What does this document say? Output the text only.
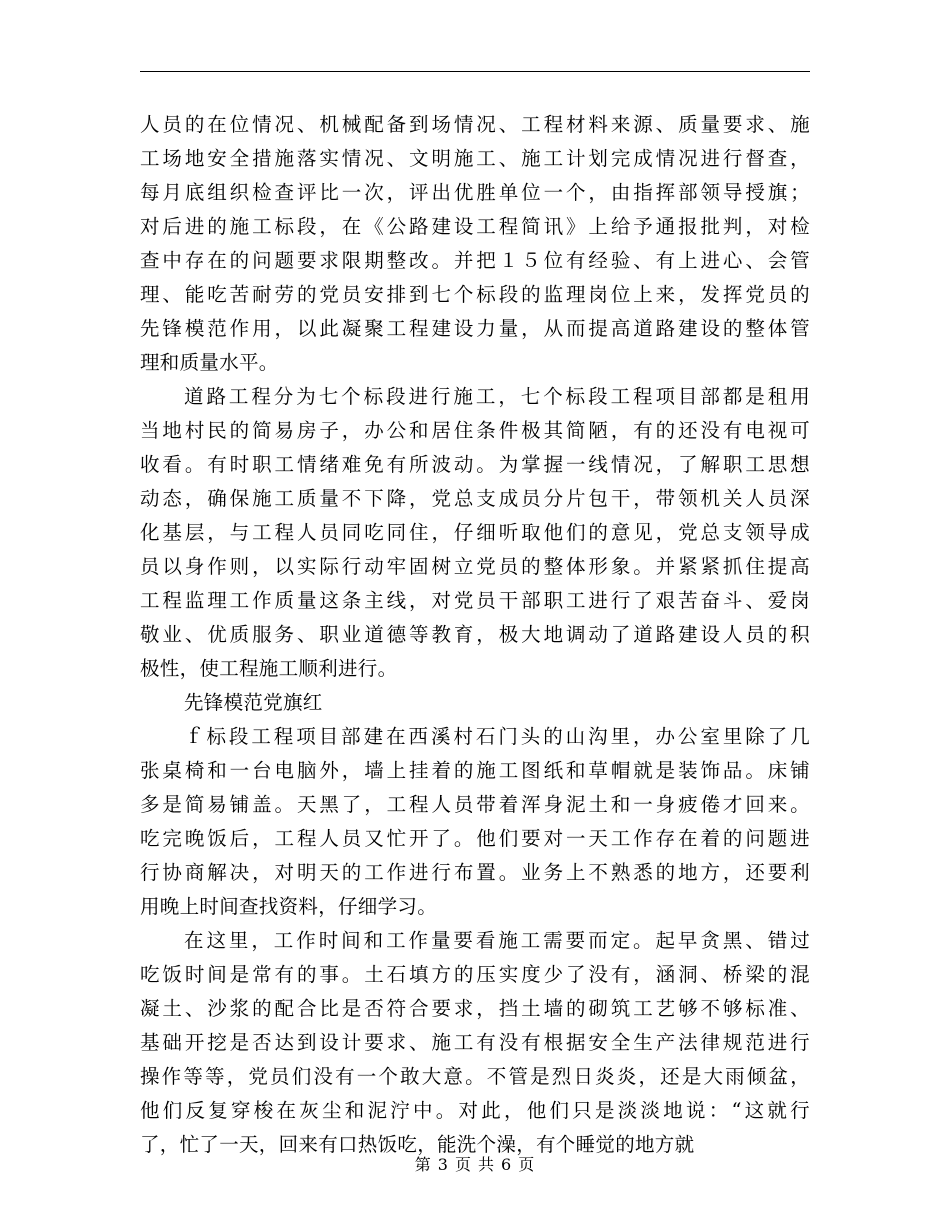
人员的在位情况、机械配备到场情况、工程材料来源、质量要求、施
工场地安全措施落实情况、文明施工、施工计划完成情况进行督查，
每月底组织检查评比一次，评出优胜单位一个，由指挥部领导授旗；
对后进的施工标段，在《公路建设工程简讯》上给予通报批判，对检
查中存在的问题要求限期整改。并把１５位有经验、有上进心、会管
理、能吃苦耐劳的党员安排到七个标段的监理岗位上来，发挥党员的
先锋模范作用，以此凝聚工程建设力量，从而提高道路建设的整体管
理和质量水平。
道路工程分为七个标段进行施工，七个标段工程项目部都是租用
当地村民的简易房子，办公和居住条件极其简陋，有的还没有电视可
收看。有时职工情绪难免有所波动。为掌握一线情况，了解职工思想
动态，确保施工质量不下降，党总支成员分片包干，带领机关人员深
化基层，与工程人员同吃同住，仔细听取他们的意见，党总支领导成
员以身作则，以实际行动牢固树立党员的整体形象。并紧紧抓住提高
工程监理工作质量这条主线，对党员干部职工进行了艰苦奋斗、爱岗
敬业、优质服务、职业道德等教育，极大地调动了道路建设人员的积
极性，使工程施工顺利进行。
先锋模范党旗红
ｆ标段工程项目部建在西溪村石门头的山沟里，办公室里除了几
张桌椅和一台电脑外，墙上挂着的施工图纸和草帽就是装饰品。床铺
多是简易铺盖。天黑了，工程人员带着浑身泥土和一身疲倦才回来。
吃完晚饭后，工程人员又忙开了。他们要对一天工作存在着的问题进
行协商解决，对明天的工作进行布置。业务上不熟悉的地方，还要利
用晚上时间查找资料，仔细学习。
在这里，工作时间和工作量要看施工需要而定。起早贪黑、错过
吃饭时间是常有的事。土石填方的压实度少了没有，涵洞、桥梁的混
凝土、沙浆的配合比是否符合要求，挡土墙的砌筑工艺够不够标准、
基础开挖是否达到设计要求、施工有没有根据安全生产法律规范进行
操作等等，党员们没有一个敢大意。不管是烈日炎炎，还是大雨倾盆，
他们反复穿梭在灰尘和泥泞中。对此，他们只是淡淡地说：“这就行
了，忙了一天，回来有口热饭吃，能洗个澡，有个睡觉的地方就
第 3 页 共 6 页
